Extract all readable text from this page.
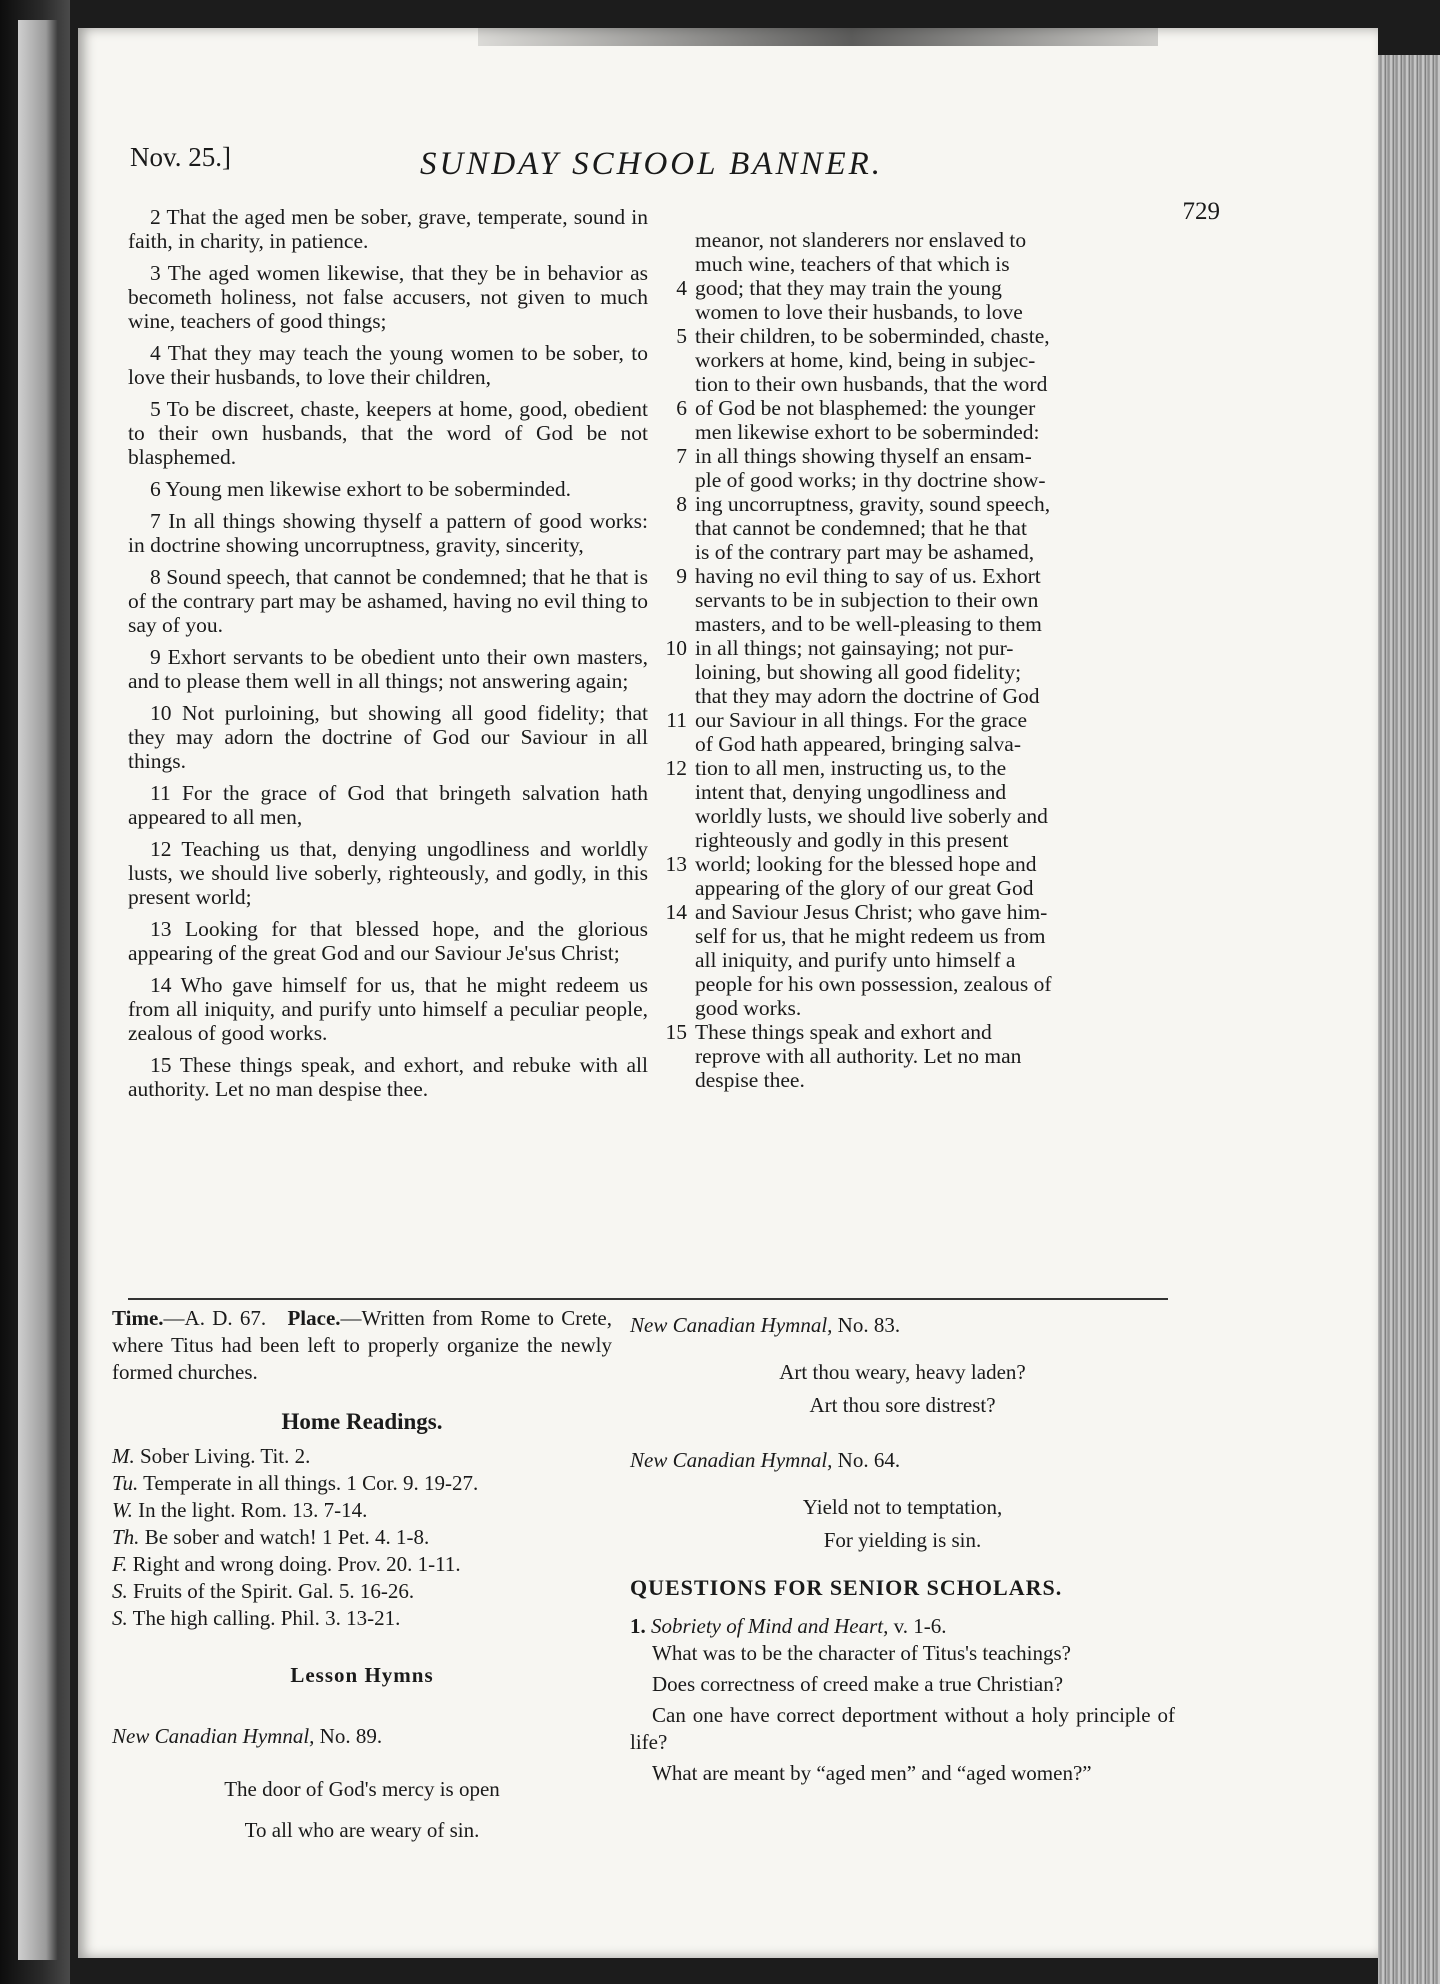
Nov. 25.]	SUNDAY SCHOOL BANNER.
729

2 That the aged men be sober, grave, temperate, sound in faith, in charity, in patience.

3 The aged women likewise, that they be in behavior as becometh holiness, not false accusers, not given to much wine, teachers of good things;

4 That they may teach the young women to be sober, to love their husbands, to love their children,

5 To be discreet, chaste, keepers at home, good, obedient to their own husbands, that the word of God be not blasphemed.

6 Young men likewise exhort to be soberminded.

7 In all things showing thyself a pattern of good works: in doctrine showing uncorruptness, gravity, sincerity,

8 Sound speech, that cannot be condemned; that he that is of the contrary part may be ashamed, having no evil thing to say of you.

9 Exhort servants to be obedient unto their own masters, and to please them well in all things; not answering again;

10 Not purloining, but showing all good fidelity; that they may adorn the doctrine of God our Saviour in all things.

11 For the grace of God that bringeth salvation hath appeared to all men,

12 Teaching us that, denying ungodliness and worldly lusts, we should live soberly, righteously, and godly, in this present world;

13 Looking for that blessed hope, and the glorious appearing of the great God and our Saviour Je'sus Christ;

14 Who gave himself for us, that he might redeem us from all iniquity, and purify unto himself a peculiar people, zealous of good works.

15 These things speak, and exhort, and rebuke with all authority. Let no man despise thee.

meanor, not slanderers nor enslaved to

much wine, teachers of that which is

4 good; that they may train the young

women to love their husbands, to love

5 their children, to be soberminded, chaste,

workers at home, kind, being in subjec-

tion to their own husbands, that the word

6 of God be not blasphemed: the younger

men likewise exhort to be soberminded:

7 in all things showing thyself an ensam-

ple of good works; in thy doctrine show-

8 ing uncorruptness, gravity, sound speech,

that cannot be condemned; that he that

is of the contrary part may be ashamed,

9 having no evil thing to say of us. Exhort

servants to be in subjection to their own

masters, and to be well-pleasing to them

10 in all things; not gainsaying; not pur-

loining, but showing all good fidelity;

that they may adorn the doctrine of God

11 our Saviour in all things. For the grace

of God hath appeared, bringing salva-

12 tion to all men, instructing us, to the

intent that, denying ungodliness and

worldly lusts, we should live soberly and

righteously and godly in this present

13 world; looking for the blessed hope and

appearing of the glory of our great God

14 and Saviour Jesus Christ; who gave him-

self for us, that he might redeem us from

all iniquity, and purify unto himself a

people for his own possession, zealous of

good works.

15 These things speak and exhort and

reprove with all authority. Let no man

despise thee.

Time.—A. D. 67. Place.—Written from Rome to Crete, where Titus had been left to properly organize the newly formed churches.

Home Readings.

M. Sober Living. Tit. 2.

Tu. Temperate in all things. 1 Cor. 9. 19-27.

W. In the light. Rom. 13. 7-14.

Th. Be sober and watch! 1 Pet. 4. 1-8.

F. Right and wrong doing. Prov. 20. 1-11.

S. Fruits of the Spirit. Gal. 5. 16-26.

S. The high calling. Phil. 3. 13-21.

Lesson Hymns

New Canadian Hymnal, No. 89.

The door of God's mercy is open

To all who are weary of sin.

New Canadian Hymnal, No. 83.

Art thou weary, heavy laden?

Art thou sore distrest?

New Canadian Hymnal, No. 64.

Yield not to temptation,

For yielding is sin.

QUESTIONS FOR SENIOR SCHOLARS.

1. Sobriety of Mind and Heart, v. 1-6.

What was to be the character of Titus's teachings?

Does correctness of creed make a true Christian?

Can one have correct deportment without a holy principle of life?

What are meant by “aged men” and “aged women?”
